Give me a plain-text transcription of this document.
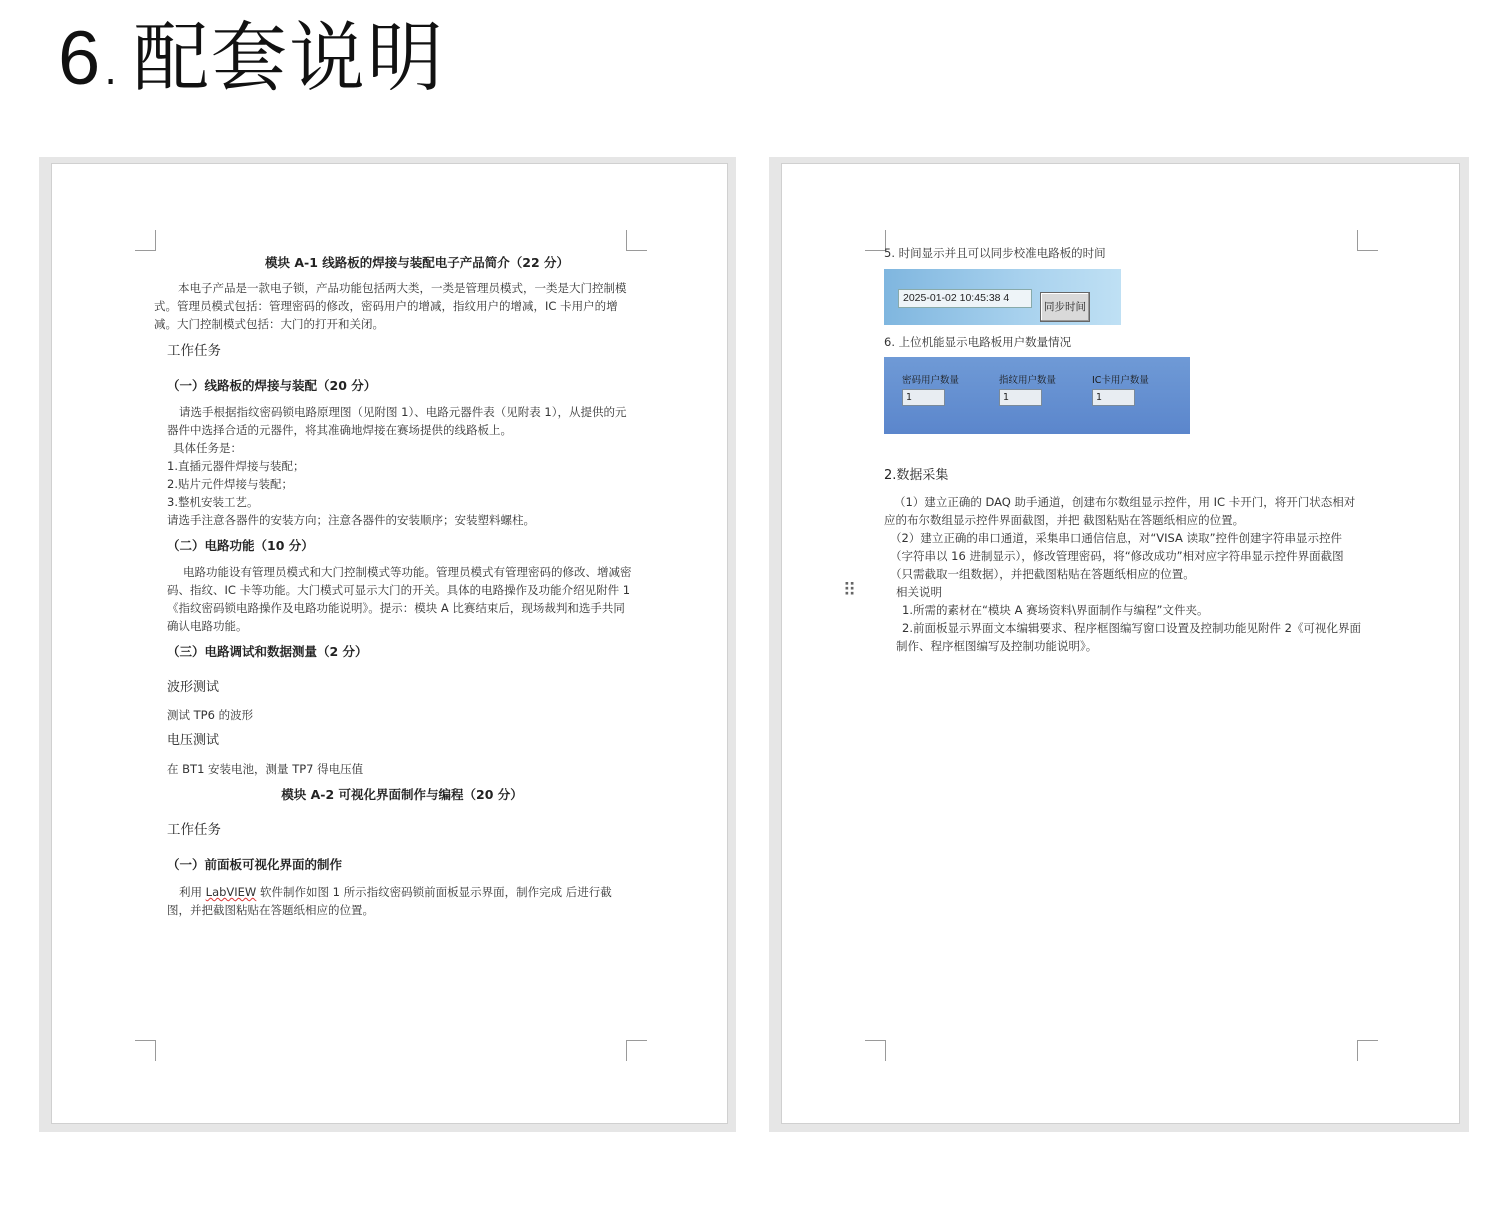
6. 配套说明
模块 A-1 线路板的焊接与装配电子产品简介（22 分）
本电子产品是一款电子锁，产品功能包括两大类，一类是管理员模式，一类是大门控制模式。管理员模式包括：管理密码的修改，密码用户的增减，指纹用户的增减，IC 卡用户的增减。大门控制模式包括：大门的打开和关闭。
工作任务
（一）线路板的焊接与装配（20 分）
请选手根据指纹密码锁电路原理图（见附图 1）、电路元器件表（见附表 1），从提供的元器件中选择合适的元器件，将其准确地焊接在赛场提供的线路板上。
具体任务是：
1.直插元器件焊接与装配；
2.贴片元件焊接与装配；
3.整机安装工艺。
请选手注意各器件的安装方向；注意各器件的安装顺序；安装塑料螺柱。
（二）电路功能（10 分）
电路功能设有管理员模式和大门控制模式等功能。管理员模式有管理密码的修改、增减密码、指纹、IC 卡等功能。大门模式可显示大门的开关。具体的电路操作及功能介绍见附件 1《指纹密码锁电路操作及电路功能说明》。提示：模块 A 比赛结束后，现场裁判和选手共同确认电路功能。
（三）电路调试和数据测量（2 分）
波形测试
测试 TP6 的波形
电压测试
在 BT1 安装电池，测量 TP7 得电压值
模块 A-2 可视化界面制作与编程（20 分）
工作任务
（一）前面板可视化界面的制作
利用 LabVIEW 软件制作如图 1 所示指纹密码锁前面板显示界面，制作完成 后进行截图，并把截图粘贴在答题纸相应的位置。
5. 时间显示并且可以同步校准电路板的时间
2025-01-02 10:45:38 4
同步时间
6. 上位机能显示电路板用户数量情况
密码用户数量
1
指纹用户数量
1
IC卡用户数量
1
2.数据采集
（1）建立正确的 DAQ 助手通道，创建布尔数组显示控件，用 IC 卡开门，将开门状态相对应的布尔数组显示控件界面截图，并把 截图粘贴在答题纸相应的位置。
（2）建立正确的串口通道，采集串口通信信息，对“VISA 读取”控件创建字符串显示控件（字符串以 16 进制显示），修改管理密码，将“修改成功”相对应字符串显示控件界面截图（只需截取一组数据），并把截图粘贴在答题纸相应的位置。
相关说明
1.所需的素材在“模块 A 赛场资料\界面制作与编程”文件夹。
2.前面板显示界面文本编辑要求、程序框图编写窗口设置及控制功能见附件 2《可视化界面制作、程序框图编写及控制功能说明》。
⠿
